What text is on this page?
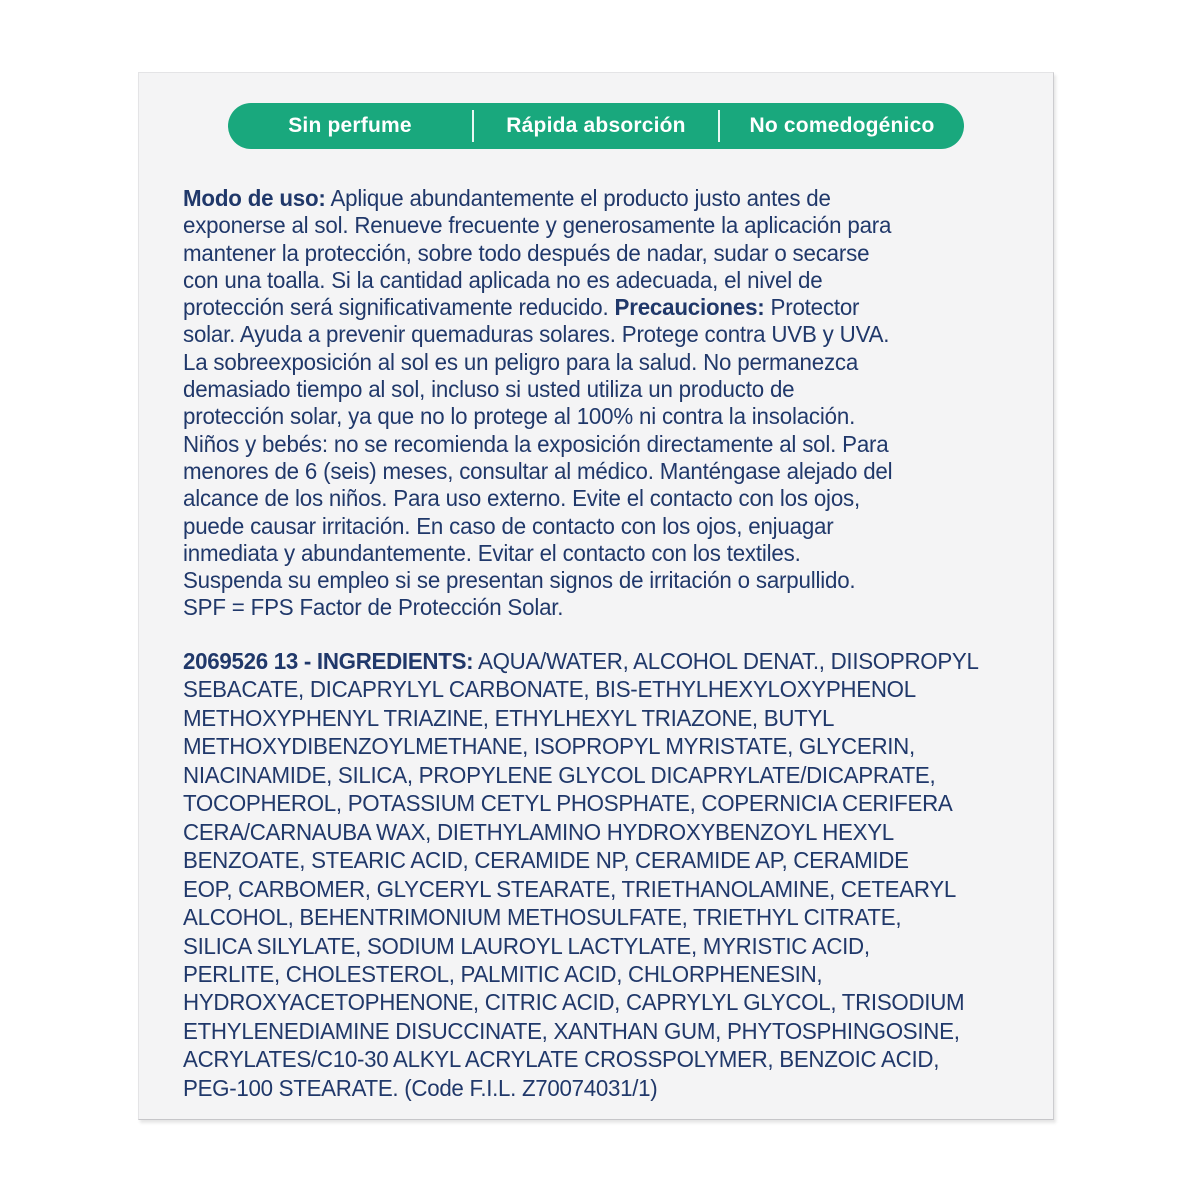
Sin perfume	Rápida absorción	No comedogénico
Modo de uso: Aplique abundantemente el producto justo antes de
exponerse al sol. Renueve frecuente y generosamente la aplicación para
mantener la protección, sobre todo después de nadar, sudar o secarse
con una toalla. Si la cantidad aplicada no es adecuada, el nivel de
protección será significativamente reducido. Precauciones: Protector
solar. Ayuda a prevenir quemaduras solares. Protege contra UVB y UVA.
La sobreexposición al sol es un peligro para la salud. No permanezca
demasiado tiempo al sol, incluso si usted utiliza un producto de
protección solar, ya que no lo protege al 100% ni contra la insolación.
Niños y bebés: no se recomienda la exposición directamente al sol. Para
menores de 6 (seis) meses, consultar al médico. Manténgase alejado del
alcance de los niños. Para uso externo. Evite el contacto con los ojos,
puede causar irritación. En caso de contacto con los ojos, enjuagar
inmediata y abundantemente. Evitar el contacto con los textiles.
Suspenda su empleo si se presentan signos de irritación o sarpullido.
SPF = FPS Factor de Protección Solar.
2069526 13 - INGREDIENTS: AQUA/WATER, ALCOHOL DENAT., DIISOPROPYL
SEBACATE, DICAPRYLYL CARBONATE, BIS-ETHYLHEXYLOXYPHENOL
METHOXYPHENYL TRIAZINE, ETHYLHEXYL TRIAZONE, BUTYL
METHOXYDIBENZOYLMETHANE, ISOPROPYL MYRISTATE, GLYCERIN,
NIACINAMIDE, SILICA, PROPYLENE GLYCOL DICAPRYLATE/DICAPRATE,
TOCOPHEROL, POTASSIUM CETYL PHOSPHATE, COPERNICIA CERIFERA
CERA/CARNAUBA WAX, DIETHYLAMINO HYDROXYBENZOYL HEXYL
BENZOATE, STEARIC ACID, CERAMIDE NP, CERAMIDE AP, CERAMIDE
EOP, CARBOMER, GLYCERYL STEARATE, TRIETHANOLAMINE, CETEARYL
ALCOHOL, BEHENTRIMONIUM METHOSULFATE, TRIETHYL CITRATE,
SILICA SILYLATE, SODIUM LAUROYL LACTYLATE, MYRISTIC ACID,
PERLITE, CHOLESTEROL, PALMITIC ACID, CHLORPHENESIN,
HYDROXYACETOPHENONE, CITRIC ACID, CAPRYLYL GLYCOL, TRISODIUM
ETHYLENEDIAMINE DISUCCINATE, XANTHAN GUM, PHYTOSPHINGOSINE,
ACRYLATES/C10-30 ALKYL ACRYLATE CROSSPOLYMER, BENZOIC ACID,
PEG-100 STEARATE. (Code F.I.L. Z70074031/1)
